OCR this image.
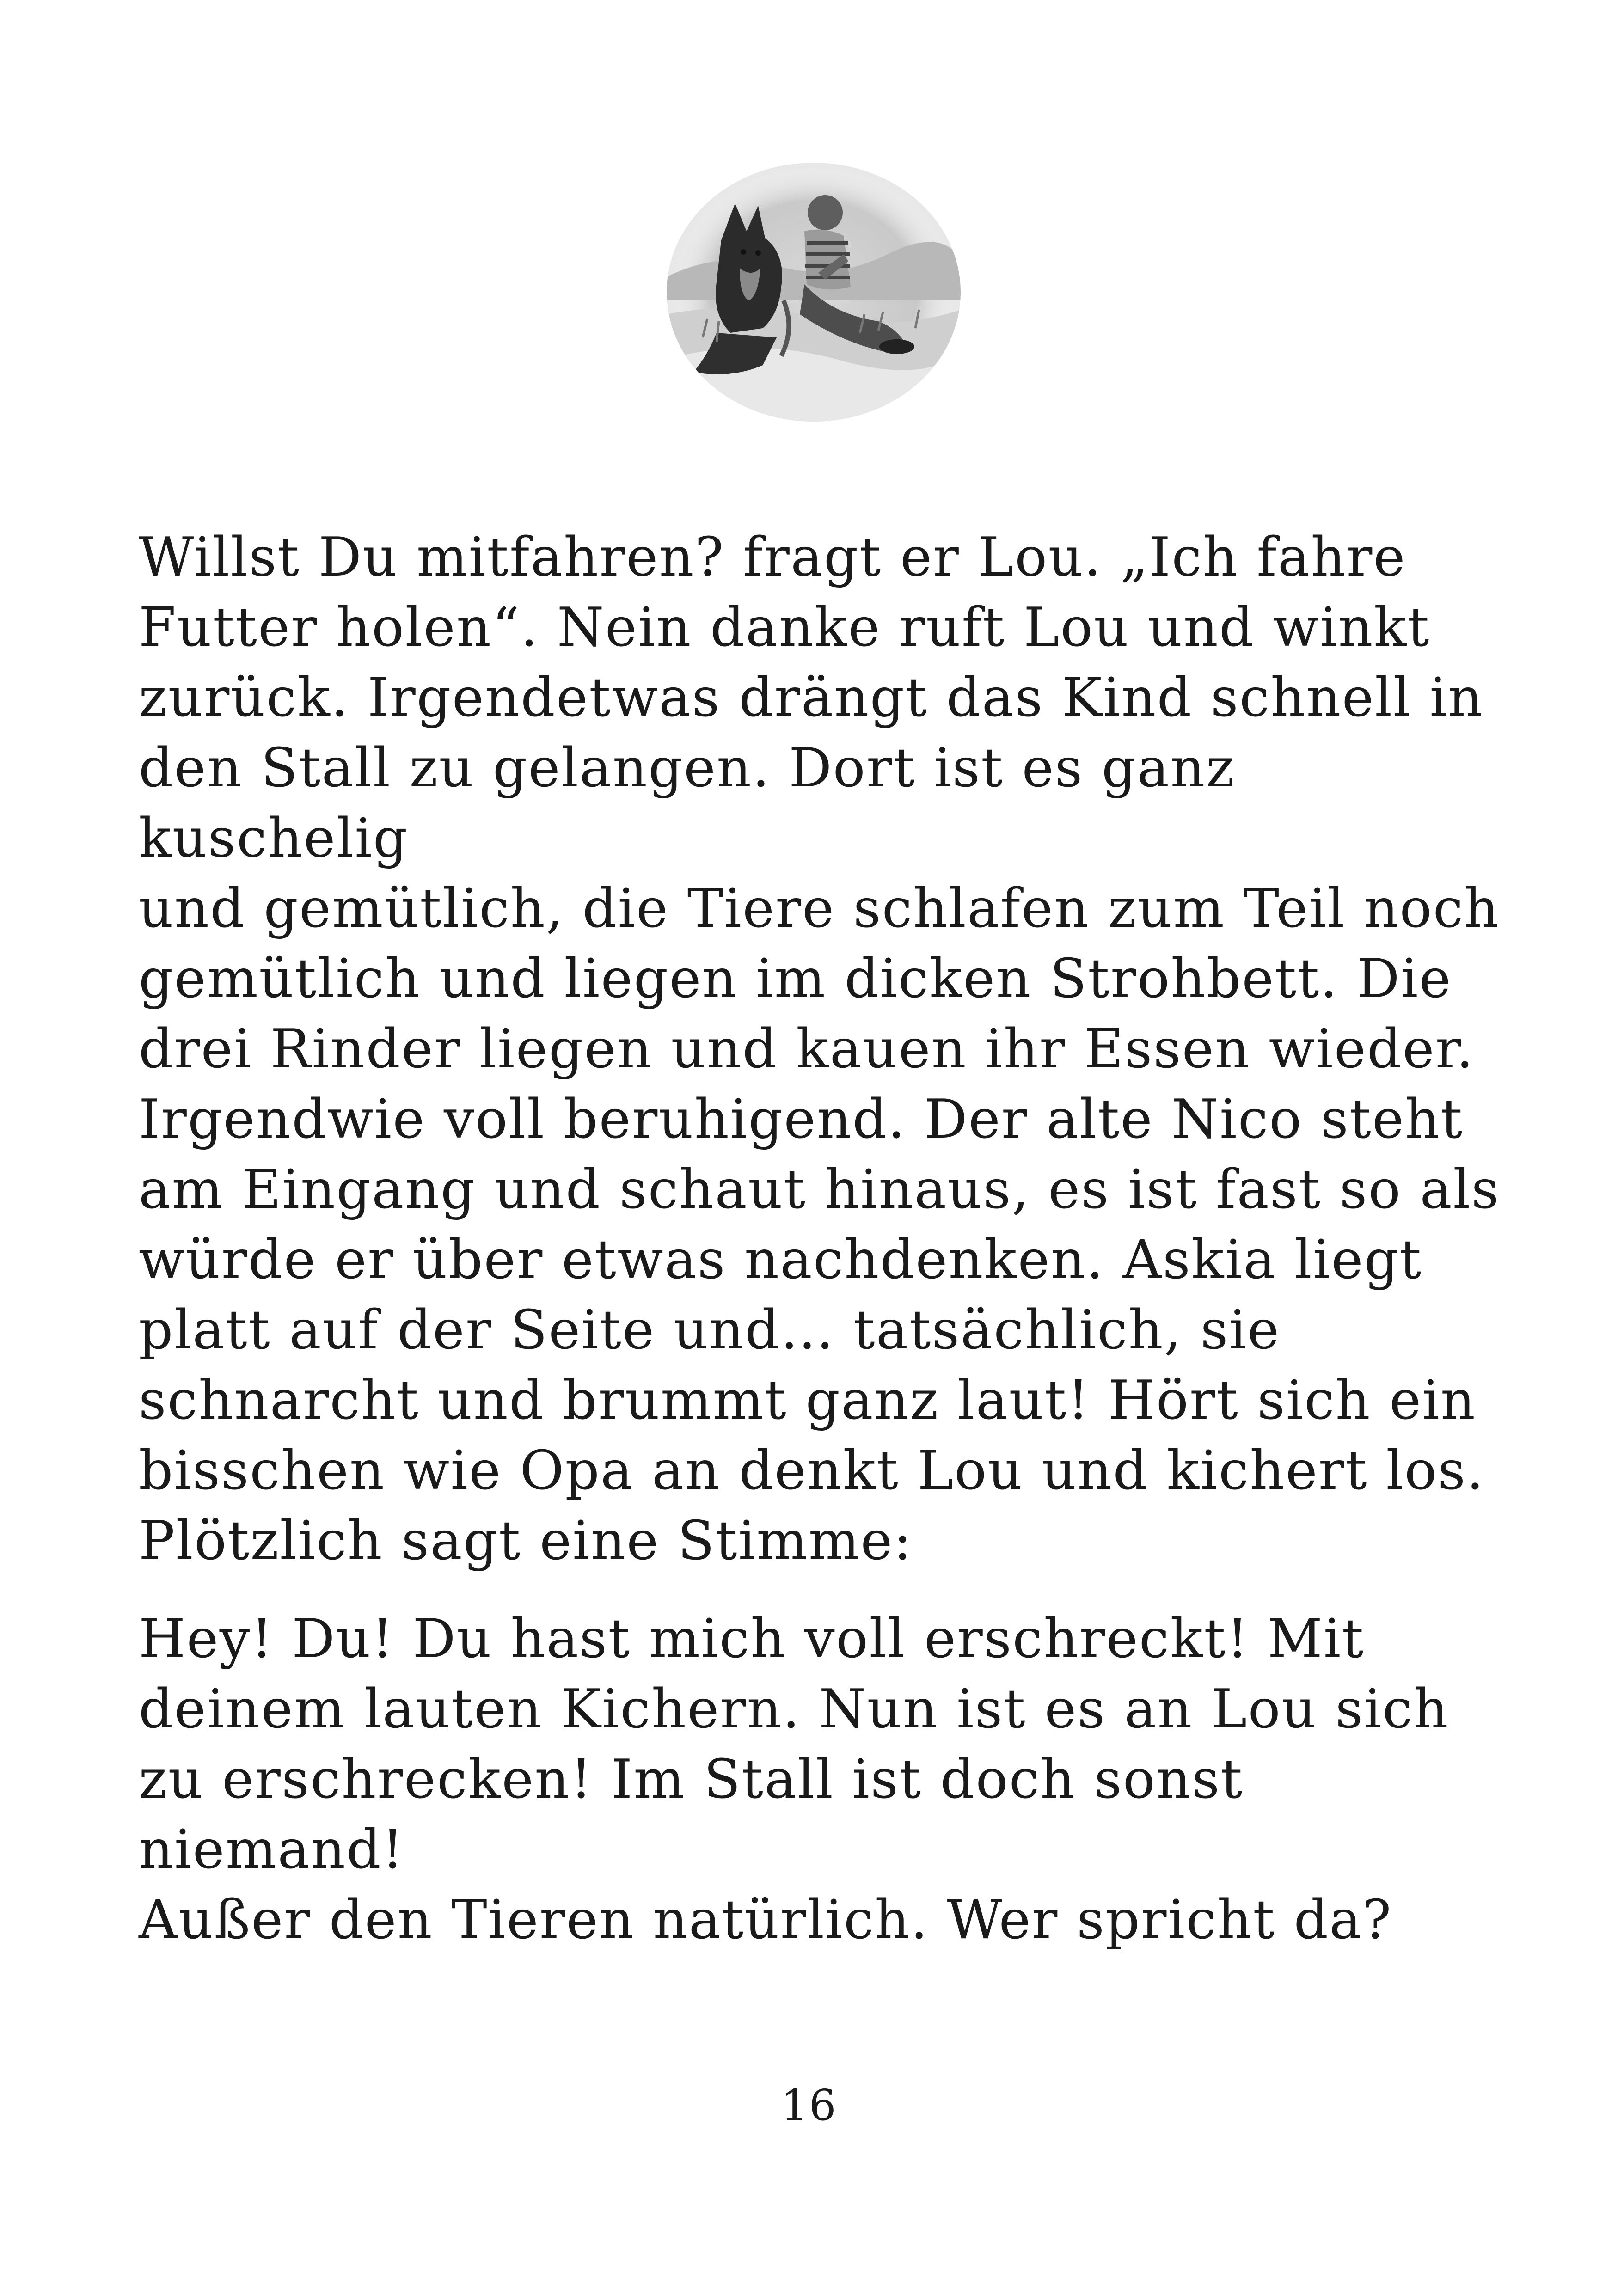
Willst Du mitfahren? fragt er Lou. „Ich fahre
Futter holen“. Nein danke ruft Lou und winkt
zurück. Irgendetwas drängt das Kind schnell in
den Stall zu gelangen. Dort ist es ganz kuschelig
und gemütlich, die Tiere schlafen zum Teil noch
gemütlich und liegen im dicken Strohbett. Die
drei Rinder liegen und kauen ihr Essen wieder.
Irgendwie voll beruhigend. Der alte Nico steht
am Eingang und schaut hinaus, es ist fast so als
würde er über etwas nachdenken. Askia liegt
platt auf der Seite und… tatsächlich, sie
schnarcht und brummt ganz laut! Hört sich ein
bisschen wie Opa an denkt Lou und kichert los.
Plötzlich sagt eine Stimme:

Hey! Du! Du hast mich voll erschreckt! Mit
deinem lauten Kichern. Nun ist es an Lou sich
zu erschrecken! Im Stall ist doch sonst niemand!
Außer den Tieren natürlich. Wer spricht da?

16
